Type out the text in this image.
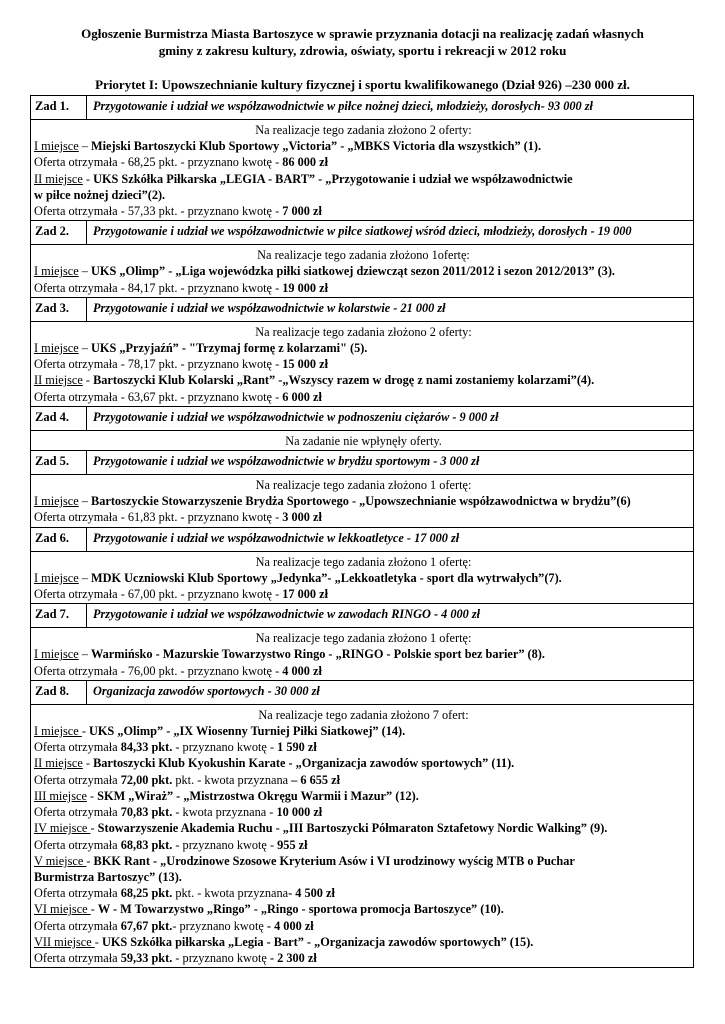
Ogłoszenie Burmistrza Miasta Bartoszyce w sprawie przyznania dotacji na realizację zadań własnych
gminy z zakresu kultury, zdrowia, oświaty, sportu i rekreacji w 2012 roku
Priorytet I: Upowszechnianie kultury fizycznej i sportu kwalifikowanego (Dział 926) –230 000 zł.
Zad 1.	Przygotowanie i udział we współzawodnictwie w piłce nożnej dzieci, młodzieży, dorosłych- 93 000 zł
Na realizacje tego zadania złożono 2 oferty:
I miejsce – Miejski Bartoszycki Klub Sportowy „Victoria” - „MBKS Victoria dla wszystkich” (1).
Oferta otrzymała - 68,25 pkt. - przyznano kwotę - 86 000 zł
II miejsce - UKS Szkółka Piłkarska „LEGIA - BART” - „Przygotowanie i udział we współzawodnictwie
w piłce nożnej dzieci”(2).
Oferta otrzymała - 57,33 pkt. - przyznano kwotę - 7 000 zł
Zad 2.	Przygotowanie i udział we współzawodnictwie w piłce siatkowej wśród dzieci, młodzieży, dorosłych - 19 000
Na realizacje tego zadania złożono 1ofertę:
I miejsce – UKS „Olimp” - „Liga wojewódzka piłki siatkowej dziewcząt sezon 2011/2012 i sezon 2012/2013” (3).
Oferta otrzymała - 84,17 pkt. - przyznano kwotę - 19 000 zł
Zad 3.	Przygotowanie i udział we współzawodnictwie w kolarstwie - 21 000 zł
Na realizacje tego zadania złożono 2 oferty:
I miejsce – UKS „Przyjaźń” - "Trzymaj formę z kolarzami" (5).
Oferta otrzymała - 78,17 pkt. - przyznano kwotę - 15 000 zł
II miejsce - Bartoszycki Klub Kolarski „Rant” -„Wszyscy razem w drogę z nami zostaniemy kolarzami”(4).
Oferta otrzymała - 63,67 pkt. - przyznano kwotę - 6 000 zł
Zad 4.	Przygotowanie i udział we współzawodnictwie w podnoszeniu ciężarów - 9 000 zł
Na zadanie nie wpłynęły oferty.
Zad 5.	Przygotowanie i udział we współzawodnictwie w brydżu sportowym - 3 000 zł
Na realizacje tego zadania złożono 1 ofertę:
I miejsce – Bartoszyckie Stowarzyszenie Brydża Sportowego - „Upowszechnianie współzawodnictwa w brydżu”(6)
Oferta otrzymała - 61,83 pkt. - przyznano kwotę - 3 000 zł
Zad 6.	Przygotowanie i udział we współzawodnictwie w lekkoatletyce - 17 000 zł
Na realizacje tego zadania złożono 1 ofertę:
I miejsce – MDK Uczniowski Klub Sportowy „Jedynka”- „Lekkoatletyka - sport dla wytrwałych”(7).
Oferta otrzymała - 67,00 pkt. - przyznano kwotę - 17 000 zł
Zad 7.	Przygotowanie i udział we współzawodnictwie w zawodach RINGO - 4 000 zł
Na realizacje tego zadania złożono 1 ofertę:
I miejsce – Warmińsko - Mazurskie Towarzystwo Ringo - „RINGO - Polskie sport bez barier” (8).
Oferta otrzymała - 76,00 pkt. - przyznano kwotę - 4 000 zł
Zad 8.	Organizacja zawodów sportowych - 30 000 zł
Na realizacje tego zadania złożono 7 ofert:
I miejsce - UKS „Olimp” - „IX Wiosenny Turniej Piłki Siatkowej” (14).
Oferta otrzymała 84,33 pkt. - przyznano kwotę - 1 590 zł
II miejsce - Bartoszycki Klub Kyokushin Karate - „Organizacja zawodów sportowych” (11).
Oferta otrzymała 72,00 pkt. pkt. - kwota przyznana – 6 655 zł
III miejsce - SKM „Wiraż” - „Mistrzostwa Okręgu Warmii i Mazur” (12).
Oferta otrzymała 70,83 pkt. - kwota przyznana - 10 000 zł
IV miejsce - Stowarzyszenie Akademia Ruchu - „III Bartoszycki Półmaraton Sztafetowy Nordic Walking” (9).
Oferta otrzymała 68,83 pkt. - przyznano kwotę - 955 zł
V miejsce - BKK Rant - „Urodzinowe Szosowe Kryterium Asów i VI urodzinowy wyścig MTB o Puchar
Burmistrza Bartoszyc” (13).
Oferta otrzymała 68,25 pkt. pkt. - kwota przyznana- 4 500 zł
VI miejsce - W - M Towarzystwo „Ringo” - „Ringo - sportowa promocja Bartoszyce” (10).
Oferta otrzymała 67,67 pkt.- przyznano kwotę - 4 000 zł
VII miejsce - UKS Szkółka piłkarska „Legia - Bart” - „Organizacja zawodów sportowych” (15).
Oferta otrzymała 59,33 pkt. - przyznano kwotę - 2 300 zł
